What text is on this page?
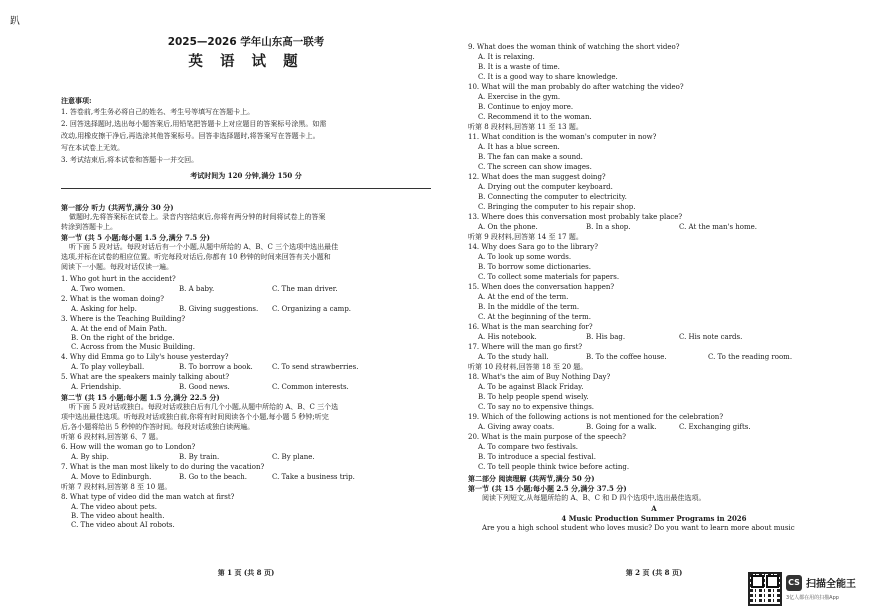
趴
2025—2026 学年山东高一联考
英 语 试 题
注意事项:
1. 答卷前,考生务必将自己的姓名、考生号等填写在答题卡上。
2. 回答选择题时,选出每小题答案后,用铅笔把答题卡上对应题目的答案标号涂黑。如需
改动,用橡皮擦干净后,再选涂其他答案标号。回答非选择题时,将答案写在答题卡上。
写在本试卷上无效。
3. 考试结束后,将本试卷和答题卡一并交回。
考试时间为 120 分钟,满分 150 分
第一部分 听力 (共两节,满分 30 分)
做题时,先将答案标在试卷上。录音内容结束后,你将有两分钟的时间将试卷上的答案
转涂到答题卡上。
第一节 (共 5 小题;每小题 1.5 分,满分 7.5 分)
听下面 5 段对话。每段对话后有一个小题,从题中所给的 A、B、C 三个选项中选出最佳
选项,并标在试卷的相应位置。听完每段对话后,你都有 10 秒钟的时间来回答有关小题和
阅读下一小题。每段对话仅读一遍。
1. Who got hurt in the accident?
A. Two women.	B. A baby.	C. The man driver.
2. What is the woman doing?
A. Asking for help.	B. Giving suggestions. C. Organizing a camp.
3. Where is the Teaching Building?
A. At the end of Main Path.
B. On the right of the bridge.
C. Across from the Music Building.
4. Why did Emma go to Lily's house yesterday?
A. To play volleyball.	B. To borrow a book.	C. To send strawberries.
5. What are the speakers mainly talking about?
A. Friendship.	B. Good news.	C. Common interests.
第二节 (共 15 小题;每小题 1.5 分,满分 22.5 分)
听下面 5 段对话或独白。每段对话或独白后有几个小题,从题中所给的 A、B、C 三个选
项中选出最佳选项。听每段对话或独白前,你将有时间阅读各个小题,每小题 5 秒钟;听完
后,各小题将给出 5 秒钟的作答时间。每段对话或独白读两遍。
听第 6 段材料,回答第 6、7 题。
6. How will the woman go to London?
A. By ship.	B. By train.	C. By plane.
7. What is the man most likely to do during the vacation?
A. Move to Edinburgh.	B. Go to the beach.	C. Take a business trip.
听第 7 段材料,回答第 8 至 10 题。
8. What type of video did the man watch at first?
A. The video about pets.
B. The video about health.
C. The video about AI robots.
第 1 页 (共 8 页)
9. What does the woman think of watching the short video?
A. It is relaxing.
B. It is a waste of time.
C. It is a good way to share knowledge.
10. What will the man probably do after watching the video?
A. Exercise in the gym.
B. Continue to enjoy more.
C. Recommend it to the woman.
听第 8 段材料,回答第 11 至 13 题。
11. What condition is the woman's computer in now?
A. It has a blue screen.
B. The fan can make a sound.
C. The screen can show images.
12. What does the man suggest doing?
A. Drying out the computer keyboard.
B. Connecting the computer to electricity.
C. Bringing the computer to his repair shop.
13. Where does this conversation most probably take place?
A. On the phone.	B. In a shop.	C. At the man's home.
听第 9 段材料,回答第 14 至 17 题。
14. Why does Sara go to the library?
A. To look up some words.
B. To borrow some dictionaries.
C. To collect some materials for papers.
15. When does the conversation happen?
A. At the end of the term.
B. In the middle of the term.
C. At the beginning of the term.
16. What is the man searching for?
A. His notebook.	B. His bag.	C. His note cards.
17. Where will the man go first?
A. To the study hall.	B. To the coffee house.	C. To the reading room.
听第 10 段材料,回答第 18 至 20 题。
18. What's the aim of Buy Nothing Day?
A. To be against Black Friday.
B. To help people spend wisely.
C. To say no to expensive things.
19. Which of the following actions is not mentioned for the celebration?
A. Giving away coats.	B. Going for a walk.	C. Exchanging gifts.
20. What is the main purpose of the speech?
A. To compare two festivals.
B. To introduce a special festival.
C. To tell people think twice before acting.
第二部分 阅读理解 (共两节,满分 50 分)
第一节 (共 15 小题;每小题 2.5 分,满分 37.5 分)
阅读下列短文,从每题所给的 A、B、C 和 D 四个选项中,选出最佳选项。
A
4 Music Production Summer Programs in 2026
Are you a high school student who loves music? Do you want to learn more about music
第 2 页 (共 8 页)
CS 扫描全能王
3亿人都在用的扫描App
